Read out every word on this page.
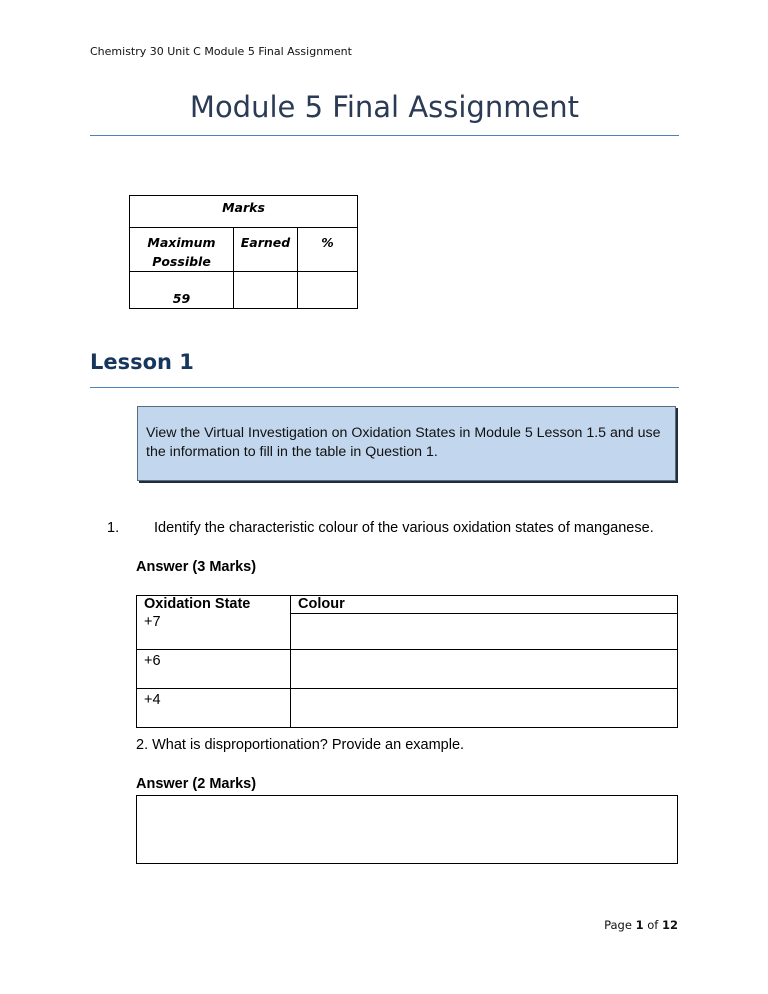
Chemistry 30 Unit C Module 5 Final Assignment
Module 5 Final Assignment
Marks		
Maximum Possible	Earned	%
59		
Lesson 1
View the Virtual Investigation on Oxidation States in Module 5 Lesson 1.5 and use the information to fill in the table in Question 1.
1. Identify the characteristic colour of the various oxidation states of manganese.
Answer (3 Marks)
Oxidation State	Colour
+7	
+6	
+4	
2. What is disproportionation? Provide an example.
Answer (2 Marks)
Page 1 of 12
